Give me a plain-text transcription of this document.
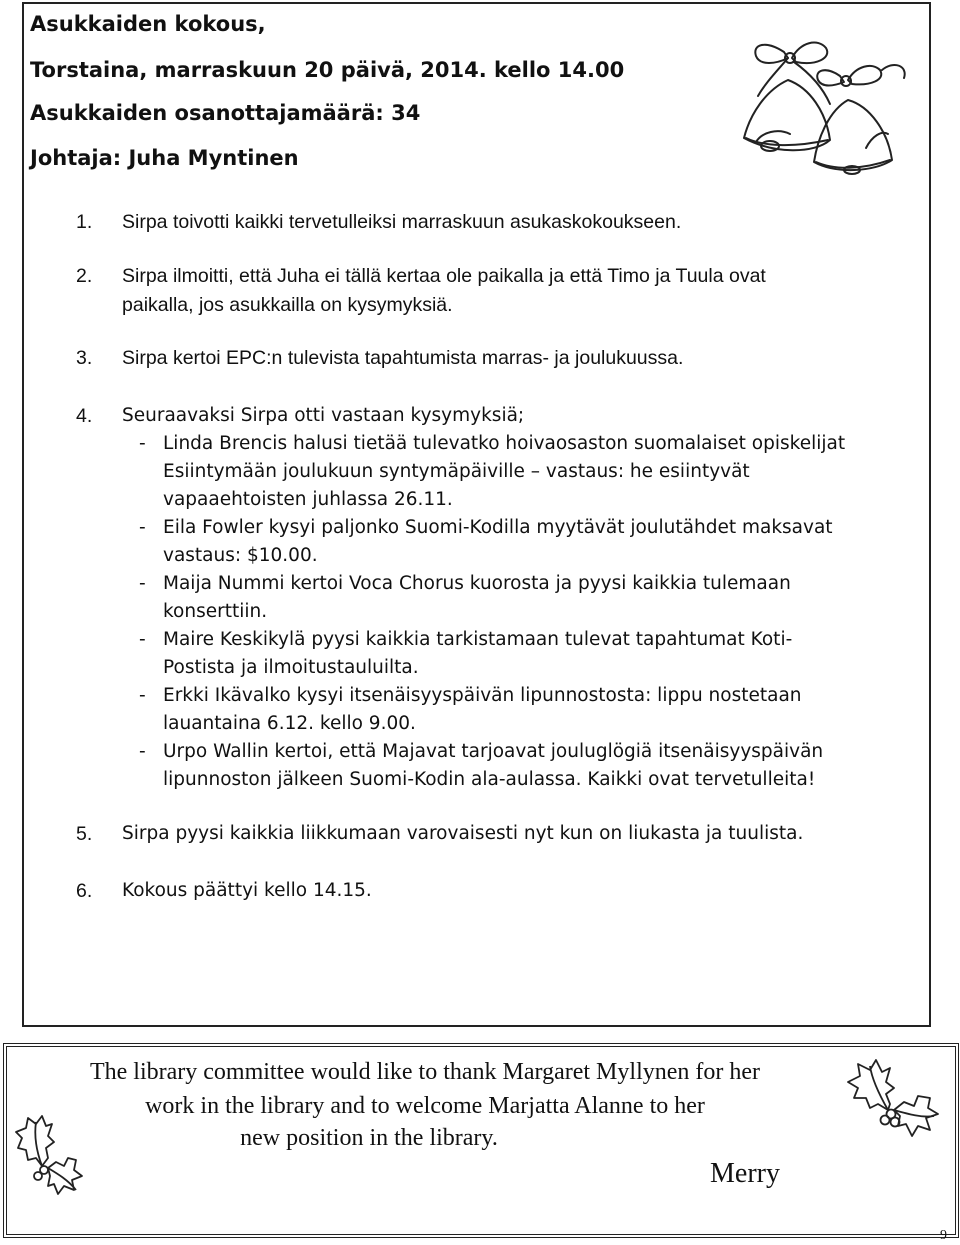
Asukkaiden kokous,
Torstaina, marraskuun 20 päivä, 2014. kello 14.00
Asukkaiden osanottajamäärä: 34
Johtaja: Juha Myntinen
1. Sirpa toivotti kaikki tervetulleiksi marraskuun asukaskokoukseen.
2. Sirpa ilmoitti, että Juha ei tällä kertaa ole paikalla ja että Timo ja Tuula ovat
paikalla, jos asukkailla on kysymyksiä.
3. Sirpa kertoi EPC:n tulevista tapahtumista marras- ja joulukuussa.
4. Seuraavaksi Sirpa otti vastaan kysymyksiä;
- Linda Brencis halusi tietää tulevatko hoivaosaston suomalaiset opiskelijat
Esiintymään joulukuun syntymäpäiville – vastaus: he esiintyvät
vapaaehtoisten juhlassa 26.11.
- Eila Fowler kysyi paljonko Suomi-Kodilla myytävät joulutähdet maksavat
vastaus: $10.00.
- Maija Nummi kertoi Voca Chorus kuorosta ja pyysi kaikkia tulemaan
konserttiin.
- Maire Keskikylä pyysi kaikkia tarkistamaan tulevat tapahtumat Koti-
Postista ja ilmoitustauluilta.
- Erkki Ikävalko kysyi itsenäisyyspäivän lipunnostosta: lippu nostetaan
lauantaina 6.12. kello 9.00.
- Urpo Wallin kertoi, että Majavat tarjoavat jouluglögiä itsenäisyyspäivän
lipunnoston jälkeen Suomi-Kodin ala-aulassa. Kaikki ovat tervetulleita!
5. Sirpa pyysi kaikkia liikkumaan varovaisesti nyt kun on liukasta ja tuulista.
6. Kokous päättyi kello 14.15.
The library committee would like to thank Margaret Myllynen for her
work in the library and to welcome Marjatta Alanne to her
new position in the library.
Merry
9
